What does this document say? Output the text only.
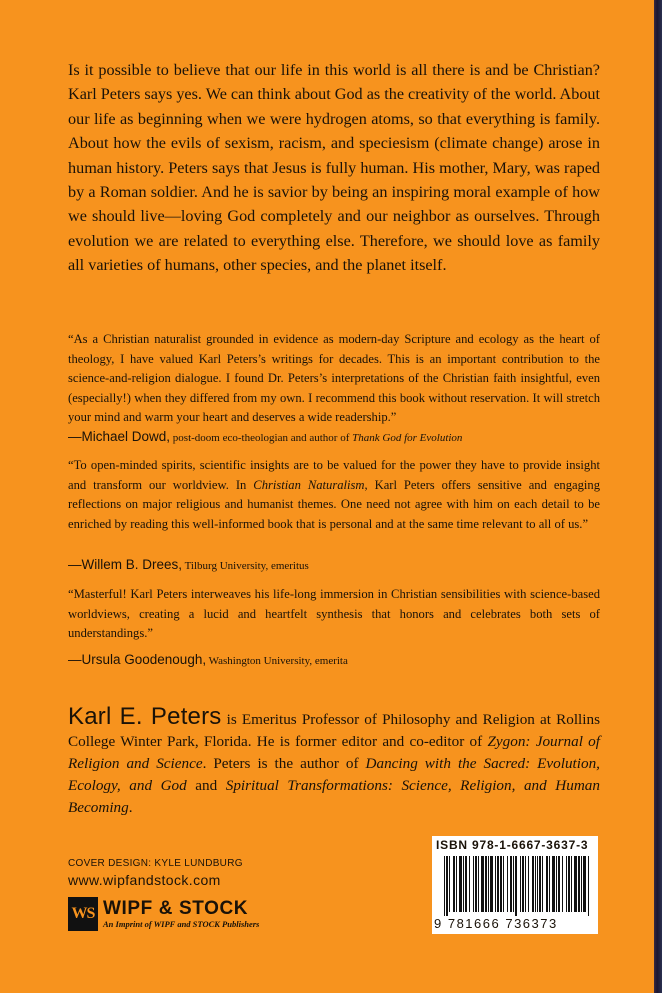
Is it possible to believe that our life in this world is all there is and be Christian? Karl Peters says yes. We can think about God as the creativity of the world. About our life as beginning when we were hydrogen atoms, so that everything is family. About how the evils of sexism, racism, and speciesism (climate change) arose in human history. Peters says that Jesus is fully human. His mother, Mary, was raped by a Roman soldier. And he is savior by being an inspiring moral example of how we should live—loving God completely and our neighbor as ourselves. Through evolution we are related to everything else. Therefore, we should love as family all varieties of humans, other species, and the planet itself.

“As a Christian naturalist grounded in evidence as modern-day Scripture and ecology as the heart of theology, I have valued Karl Peters’s writings for decades. This is an important contribution to the science-and-religion dialogue. I found Dr. Peters’s interpretations of the Christian faith insightful, even (especially!) when they differed from my own. I recommend this book without reservation. It will stretch your mind and warm your heart and deserves a wide readership.”

—Michael Dowd, post-doom eco-theologian and author of Thank God for Evolution

“To open-minded spirits, scientific insights are to be valued for the power they have to provide insight and transform our worldview. In Christian Naturalism, Karl Peters offers sensitive and engaging reflections on major religious and humanist themes. One need not agree with him on each detail to be enriched by reading this well-informed book that is personal and at the same time relevant to all of us.”

—Willem B. Drees, Tilburg University, emeritus

“Masterful! Karl Peters interweaves his life-long immersion in Christian sensibilities with science-based worldviews, creating a lucid and heartfelt synthesis that honors and celebrates both sets of understandings.”

—Ursula Goodenough, Washington University, emerita

Karl E. Peters is Emeritus Professor of Philosophy and Religion at Rollins College Winter Park, Florida. He is former editor and co-editor of Zygon: Journal of Religion and Science. Peters is the author of Dancing with the Sacred: Evolution, Ecology, and God and Spiritual Transformations: Science, Religion, and Human Becoming.

COVER DESIGN: KYLE LUNDBURG
www.wipfandstock.com
WS WIPF & STOCK
An Imprint of WIPF and STOCK Publishers
ISBN 978-1-6667-3637-3
9 781666 736373
